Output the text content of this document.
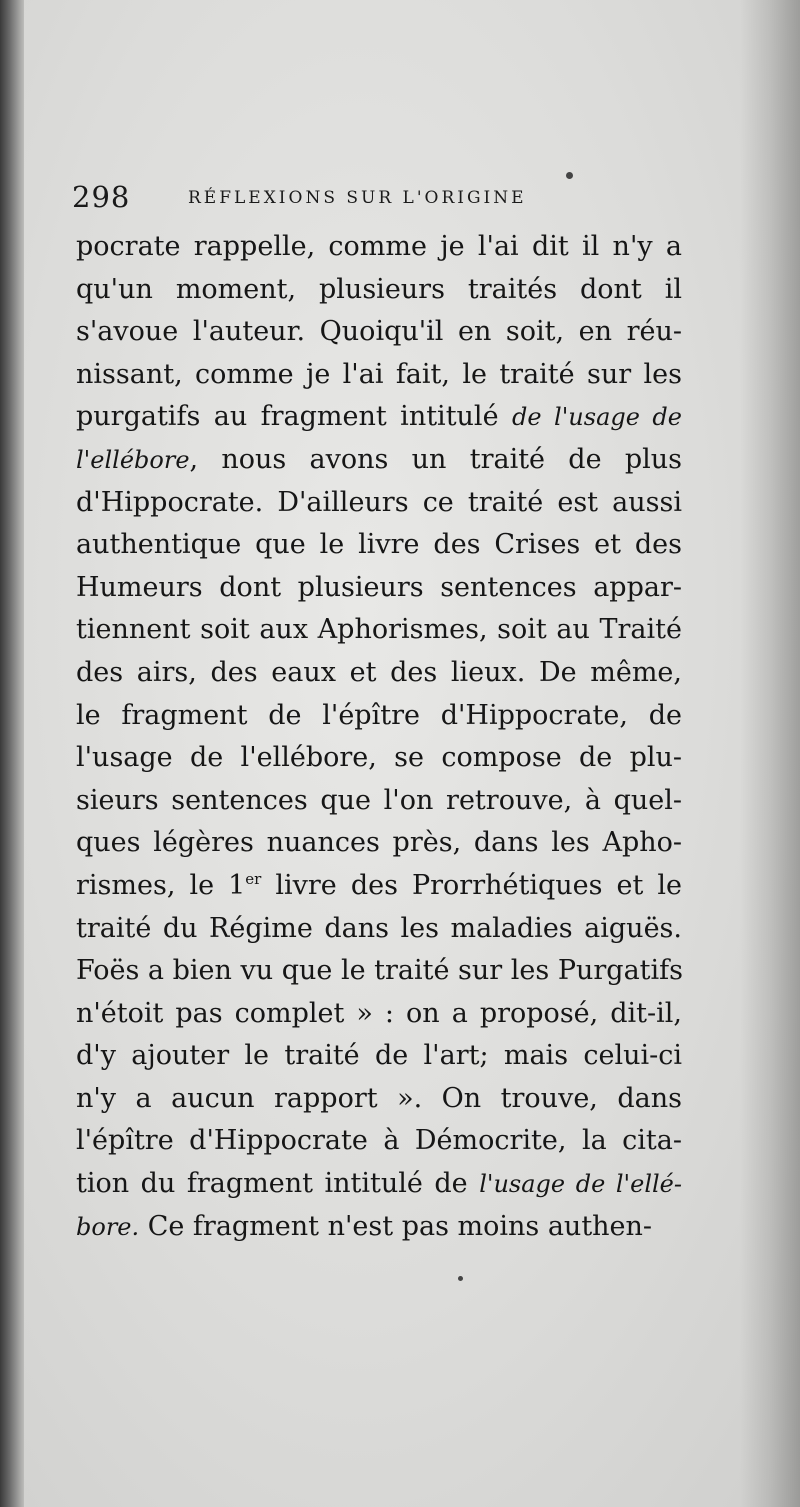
298	RÉFLEXIONS SUR L'ORIGINE
pocrate rappelle, comme je l'ai dit il n'y a
qu'un moment, plusieurs traités dont il
s'avoue l'auteur. Quoiqu'il en soit, en réu-
nissant, comme je l'ai fait, le traité sur les
purgatifs au fragment intitulé de l'usage de
l'ellébore, nous avons un traité de plus
d'Hippocrate. D'ailleurs ce traité est aussi
authentique que le livre des Crises et des
Humeurs dont plusieurs sentences appar-
tiennent soit aux Aphorismes, soit au Traité
des airs, des eaux et des lieux. De même,
le fragment de l'épître d'Hippocrate, de
l'usage de l'ellébore, se compose de plu-
sieurs sentences que l'on retrouve, à quel-
ques légères nuances près, dans les Apho-
rismes, le 1er livre des Prorrhétiques et le
traité du Régime dans les maladies aiguës.
Foës a bien vu que le traité sur les Purgatifs
n'étoit pas complet » : on a proposé, dit-il,
d'y ajouter le traité de l'art; mais celui-ci
n'y a aucun rapport ». On trouve, dans
l'épître d'Hippocrate à Démocrite, la cita-
tion du fragment intitulé de l'usage de l'ellé-
bore. Ce fragment n'est pas moins authen-
